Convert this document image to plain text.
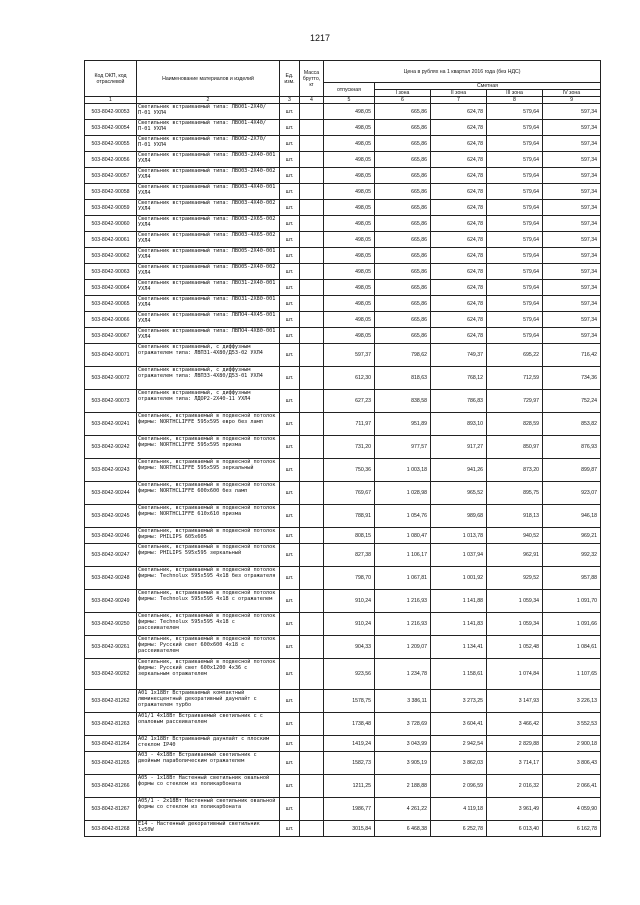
1217
Код ОКП, код отраслевой	Наименование материалов и изделий	Ед. изм.	Масса брутто, кг	Цена в рублях на 1 квартал 2016 года (без НДС)				
				отпускная	Сметная			
					I зона	II зона	III зона	IV зона
1	2	3	4	5	6	7	8	9
503-8042-90053	Светильник встраиваемый типа: ЛВО01-2Х40/П-01 УХЛ4	шт.		498,05	665,86	624,78	579,64	597,34
503-8042-90054	Светильник встраиваемый типа: ЛВО01-4Х40/П-01 УХЛ4	шт.		498,05	665,86	624,78	579,64	597,34
503-8042-90055	Светильник встраиваемый типа: ЛВО02-2Х70/П-01 УХЛ4	шт.		498,05	665,86	624,78	579,64	597,34
503-8042-90056	Светильник встраиваемый типа: ЛВО03-2Х40-001 УХЛ4	шт.		498,05	665,86	624,78	579,64	597,34
503-8042-90057	Светильник встраиваемый типа: ЛВО03-2Х40-002 УХЛ4	шт.		498,05	665,86	624,78	579,64	597,34
503-8042-90058	Светильник встраиваемый типа: ЛВО03-4Х40-001 УХЛ4	шт.		498,05	665,86	624,78	579,64	597,34
503-8042-90059	Светильник встраиваемый типа: ЛВО03-4Х40-002 УХЛ4	шт.		498,05	665,86	624,78	579,64	597,34
503-8042-90060	Светильник встраиваемый типа: ЛВО03-2Х65-002 УХЛ4	шт.		498,05	665,86	624,78	579,64	597,34
503-8042-90061	Светильник встраиваемый типа: ЛВО03-4Х65-002 УХЛ4	шт.		498,05	665,86	624,78	579,64	597,34
503-8042-90062	Светильник встраиваемый типа: ЛВО05-2Х40-001 УХЛ4	шт.		498,05	665,86	624,78	579,64	597,34
503-8042-90063	Светильник встраиваемый типа: ЛВО05-2Х40-002 УХЛ4	шт.		498,05	665,86	624,78	579,64	597,34
503-8042-90064	Светильник встраиваемый типа: ЛВО31-2Х40-001 УХЛ4	шт.		498,05	665,86	624,78	579,64	597,34
503-8042-90065	Светильник встраиваемый типа: ЛВО31-2Х80-001 УХЛ4	шт.		498,05	665,86	624,78	579,64	597,34
503-8042-90066	Светильник встраиваемый типа: ЛВПО4-4Х45-001 УХЛ4	шт.		498,05	665,86	624,78	579,64	597,34
503-8042-90067	Светильник встраиваемый типа: ЛВПО4-4Х80-001 УХЛ4	шт.		498,05	665,86	624,78	579,64	597,34
503-8042-90071	Светильник встраиваемый, с диффузным отражателем типа: ЛВП31-4Х80/Д53-02 УХЛ4	шт.		597,37	798,62	749,37	695,22	716,42
503-8042-90072	Светильник встраиваемый, с диффузным отражателем типа: ЛВП33-4Х80/Д53-01 УХЛ4	шт.		612,30	818,63	768,12	712,59	734,36
503-8042-90073	Светильник встраиваемый, с диффузным отражателем типа: ЛДОР2-2Х40-11 УХЛ4	шт.		627,23	838,58	786,83	729,97	752,24
503-8042-90241	Светильник, встраиваемый в подвесной потолок фирмы: NORTHCLIFFE 595х595 евро без ламп	шт.		711,97	951,89	893,10	828,59	853,82
503-8042-90242	Светильник, встраиваемый в подвесной потолок фирмы: NORTHCLIFFE 595х595 призма	шт.		731,20	977,57	917,27	850,97	876,93
503-8042-90243	Светильник, встраиваемый в подвесной потолок фирмы: NORTHCLIFFE 595х595 зеркальный	шт.		750,36	1 003,18	941,26	873,20	899,87
503-8042-90244	Светильник, встраиваемый в подвесной потолок фирмы: NORTHCLIFFE 600х600 без ламп	шт.		769,67	1 028,98	965,52	895,75	923,07
503-8042-90245	Светильник, встраиваемый в подвесной потолок фирмы: NORTHCLIFFE 610х610 призма	шт.		788,91	1 054,76	989,68	918,13	946,18
503-8042-90246	Светильник, встраиваемый в подвесной потолок фирмы: PHILIPS 605х605	шт.		808,15	1 080,47	1 013,78	940,52	969,21
503-8042-90247	Светильник, встраиваемый в подвесной потолок фирмы: PHILIPS 595х595 зеркальный	шт.		827,38	1 106,17	1 037,94	962,91	992,32
503-8042-90248	Светильник, встраиваемый в подвесной потолок фирмы: Technolux 595х595 4х18 без отражателя	шт.		798,70	1 067,81	1 001,92	929,52	957,88
503-8042-90249	Светильник, встраиваемый в подвесной потолок фирмы: Technolux 595х595 4х18 с отражателем	шт.		910,24	1 216,93	1 141,88	1 059,34	1 091,70
503-8042-90250	Светильник, встраиваемый в подвесной потолок фирмы: Technolux 595х595 4х18 с рассеивателем	шт.		910,24	1 216,93	1 141,83	1 059,34	1 091,66
503-8042-90261	Светильник, встраиваемый в подвесной потолок фирмы: Русский свет 600х600 4х18 с рассеивателем	шт.		904,33	1 209,07	1 134,41	1 052,48	1 084,61
503-8042-90262	Светильник, встраиваемый в подвесной потолок фирмы: Русский свет 600х1200 4х36 с зеркальным отражателем	шт.		923,56	1 234,78	1 158,61	1 074,84	1 107,65
503-8042-81262	А01 1х18Вт Встраиваемый компактный люминесцентный декоративный даунлайт с отражателем турбо	шт.		1578,75	3 386,11	3 273,25	3 147,93	3 226,13
503-8042-81263	А01/1 4х18Вт Встраиваемый светильник с с опаловым рассеивателем	шт.		1738,48	3 728,69	3 604,41	3 466,42	3 552,53
503-8042-81264	А02 1х18Вт Встраиваемый даунлайт с плоским стеклом IP40	шт.		1419,24	3 043,99	2 942,54	2 829,88	2 900,18
503-8042-81265	А03 - 4х18Вт Встраиваемый светильник с двойным параболическим отражателем	шт.		1582,73	3 905,19	3 862,03	3 714,17	3 806,43
503-8042-81266	А05 - 1х18Вт Настенный светильник овальной формы со стеклом из поликарбоната	шт.		1211,25	2 188,88	2 096,59	2 016,32	2 066,41
503-8042-81267	А05/1 - 2х18Вт Настенный светильник овальной формы со стеклом из поликарбоната	шт.		1986,77	4 261,22	4 119,18	3 961,49	4 059,90
503-8042-81268	Е14 - Настенный декоративный светильник 1х50W	шт.		3015,84	6 468,38	6 252,78	6 013,40	6 162,78
